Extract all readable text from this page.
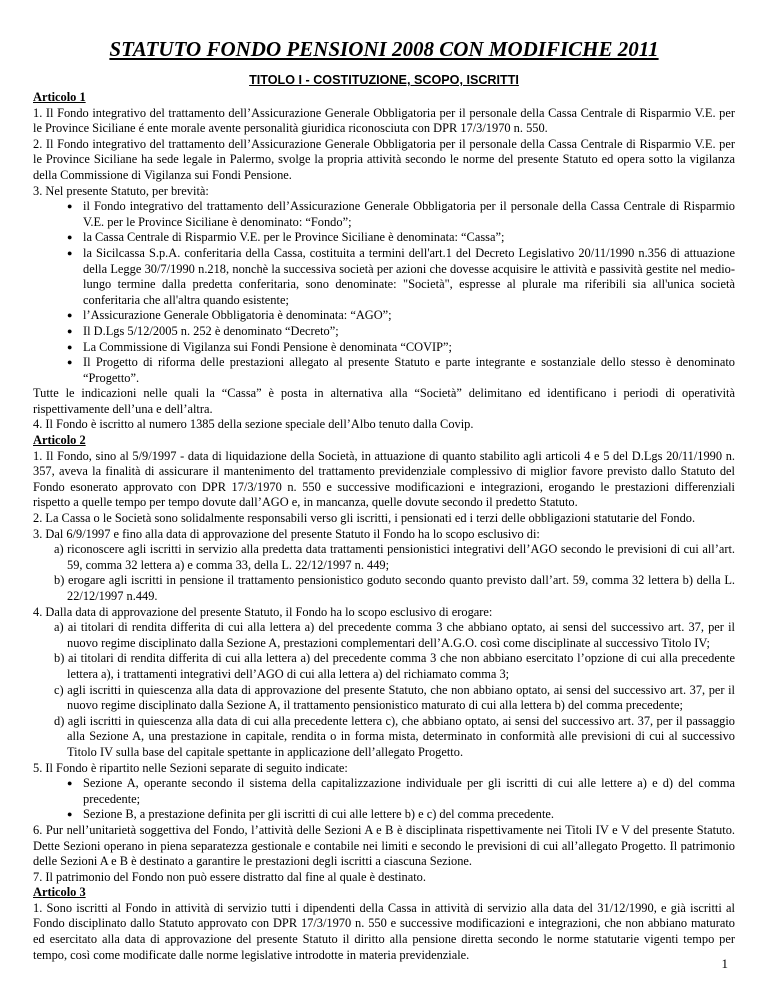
STATUTO FONDO PENSIONI 2008 CON MODIFICHE 2011
TITOLO I - COSTITUZIONE, SCOPO, ISCRITTI
Articolo 1

1. Il Fondo integrativo del trattamento dell’Assicurazione Generale Obbligatoria per il personale della Cassa Centrale di Risparmio V.E. per le Province Siciliane é ente morale avente personalità giuridica riconosciuta con DPR 17/3/1970 n. 550.

2. Il Fondo integrativo del trattamento dell’Assicurazione Generale Obbligatoria per il personale della Cassa Centrale di Risparmio V.E. per le Province Siciliane ha sede legale in Palermo, svolge la propria attività secondo le norme del presente Statuto ed opera sotto la vigilanza della Commissione di Vigilanza sui Fondi Pensione.

3. Nel presente Statuto, per brevità:

● il Fondo integrativo del trattamento dell’Assicurazione Generale Obbligatoria per il personale della Cassa Centrale di Risparmio V.E. per le Province Siciliane è denominato: “Fondo”;
● la Cassa Centrale di Risparmio V.E. per le Province Siciliane è denominata: “Cassa”;
● la Sicilcassa S.p.A. conferitaria della Cassa, costituita a termini dell'art.1 del Decreto Legislativo 20/11/1990 n.356 di attuazione della Legge 30/7/1990 n.218, nonchè la successiva società per azioni che dovesse acquisire le attività e passività gestite nel medio-lungo termine dalla predetta conferitaria, sono denominate: "Società", espresse al plurale ma riferibili sia all'unica società conferitaria che all'altra quando esistente;
● l’Assicurazione Generale Obbligatoria è denominata: “AGO”;
● Il D.Lgs 5/12/2005 n. 252 è denominato “Decreto”;
● La Commissione di Vigilanza sui Fondi Pensione è denominata “COVIP”;
● Il Progetto di riforma delle prestazioni allegato al presente Statuto e parte integrante e sostanziale dello stesso è denominato “Progetto”.

Tutte le indicazioni nelle quali la “Cassa” è posta in alternativa alla “Società” delimitano ed identificano i periodi di operatività rispettivamente dell’una e dell’altra.

4. Il Fondo è iscritto al numero 1385 della sezione speciale dell’Albo tenuto dalla Covip.

Articolo 2

1. Il Fondo, sino al 5/9/1997 - data di liquidazione della Società, in attuazione di quanto stabilito agli articoli 4 e 5 del D.Lgs 20/11/1990 n. 357, aveva la finalità di assicurare il mantenimento del trattamento previdenziale complessivo di miglior favore previsto dallo Statuto del Fondo esonerato approvato con DPR 17/3/1970 n. 550 e successive modificazioni e integrazioni, erogando le prestazioni differenziali rispetto a quelle tempo per tempo dovute dall’AGO e, in mancanza, quelle dovute secondo il predetto Statuto.

2. La Cassa o le Società sono solidalmente responsabili verso gli iscritti, i pensionati ed i terzi delle obbligazioni statutarie del Fondo.

3. Dal 6/9/1997 e fino alla data di approvazione del presente Statuto il Fondo ha lo scopo esclusivo di:

a) riconoscere agli iscritti in servizio alla predetta data trattamenti pensionistici integrativi dell’AGO secondo le previsioni di cui all’art. 59, comma 32 lettera a) e comma 33, della L. 22/12/1997 n. 449;
b) erogare agli iscritti in pensione il trattamento pensionistico goduto secondo quanto previsto dall’art. 59, comma 32 lettera b) della L. 22/12/1997 n.449.

4. Dalla data di approvazione del presente Statuto, il Fondo ha lo scopo esclusivo di erogare:

a) ai titolari di rendita differita di cui alla lettera a) del precedente comma 3 che abbiano optato, ai sensi del successivo art. 37, per il nuovo regime disciplinato dalla Sezione A, prestazioni complementari dell’A.G.O. così come disciplinate al successivo Titolo IV;
b) ai titolari di rendita differita di cui alla lettera a) del precedente comma 3 che non abbiano esercitato l’opzione di cui alla precedente lettera a), i trattamenti integrativi dell’AGO di cui alla lettera a) del richiamato comma 3;
c) agli iscritti in quiescenza alla data di approvazione del presente Statuto, che non abbiano optato, ai sensi del successivo art. 37, per il nuovo regime disciplinato dalla Sezione A, il trattamento pensionistico maturato di cui alla lettera b) del comma precedente;
d) agli iscritti in quiescenza alla data di cui alla precedente lettera c), che abbiano optato, ai sensi del successivo art. 37, per il passaggio alla Sezione A, una prestazione in capitale, rendita o in forma mista, determinato in conformità alle previsioni di cui al successivo Titolo IV sulla base del capitale spettante in applicazione dell’allegato Progetto.

5. Il Fondo è ripartito nelle Sezioni separate di seguito indicate:

● Sezione A, operante secondo il sistema della capitalizzazione individuale per gli iscritti di cui alle lettere a) e d) del comma precedente;
● Sezione B, a prestazione definita per gli iscritti di cui alle lettere b) e c) del comma precedente.

6. Pur nell’unitarietà soggettiva del Fondo, l’attività delle Sezioni A e B è disciplinata rispettivamente nei Titoli IV e V del presente Statuto. Dette Sezioni operano in piena separatezza gestionale e contabile nei limiti e secondo le previsioni di cui all’allegato Progetto. Il patrimonio delle Sezioni A e B è destinato a garantire le prestazioni degli iscritti a ciascuna Sezione.

7. Il patrimonio del Fondo non può essere distratto dal fine al quale è destinato.

Articolo 3

1. Sono iscritti al Fondo in attività di servizio tutti i dipendenti della Cassa in attività di servizio alla data del 31/12/1990, e già iscritti al Fondo disciplinato dallo Statuto approvato con DPR 17/3/1970 n. 550 e successive modificazioni e integrazioni, che non abbiano maturato ed esercitato alla data di approvazione del presente Statuto il diritto alla pensione diretta secondo le norme statutarie vigenti tempo per tempo, così come modificate dalle norme legislative introdotte in materia previdenziale.

1
